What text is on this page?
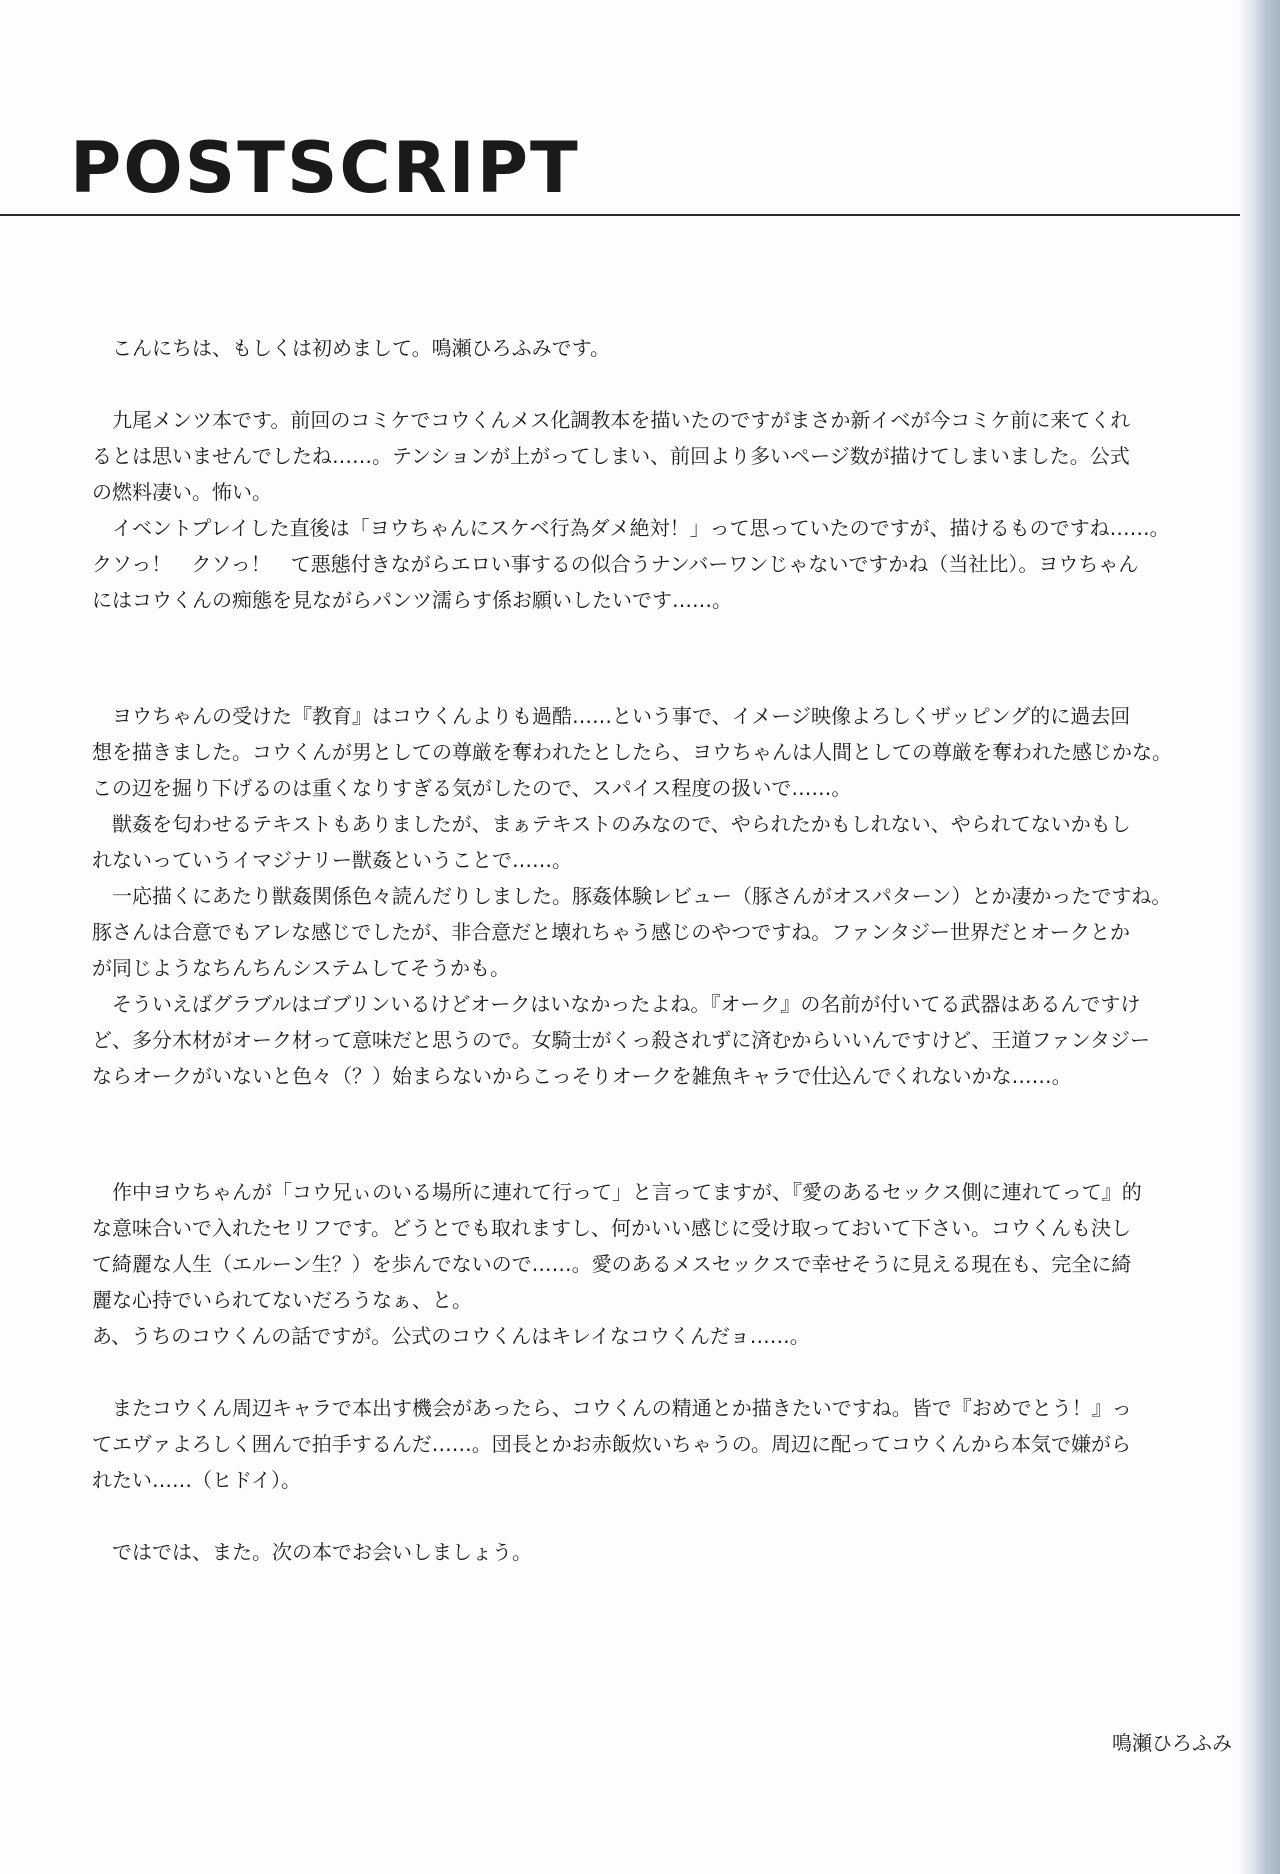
POSTSCRIPT

こんにちは、もしくは初めまして。鳴瀬ひろふみです。

九尾メンツ本です。前回のコミケでコウくんメス化調教本を描いたのですがまさか新イベが今コミケ前に来てくれ

るとは思いませんでしたね……。テンションが上がってしまい、前回より多いページ数が描けてしまいました。公式

の燃料凄い。怖い。

イベントプレイした直後は「ヨウちゃんにスケベ行為ダメ絶対！」って思っていたのですが、描けるものですね……。

クソっ！　クソっ！　て悪態付きながらエロい事するの似合うナンバーワンじゃないですかね（当社比）。ヨウちゃん

にはコウくんの痴態を見ながらパンツ濡らす係お願いしたいです……。

ヨウちゃんの受けた『教育』はコウくんよりも過酷……という事で、イメージ映像よろしくザッピング的に過去回

想を描きました。コウくんが男としての尊厳を奪われたとしたら、ヨウちゃんは人間としての尊厳を奪われた感じかな。

この辺を掘り下げるのは重くなりすぎる気がしたので、スパイス程度の扱いで……。

獣姦を匂わせるテキストもありましたが、まぁテキストのみなので、やられたかもしれない、やられてないかもし

れないっていうイマジナリー獣姦ということで……。

一応描くにあたり獣姦関係色々読んだりしました。豚姦体験レビュー（豚さんがオスパターン）とか凄かったですね。

豚さんは合意でもアレな感じでしたが、非合意だと壊れちゃう感じのやつですね。ファンタジー世界だとオークとか

が同じようなちんちんシステムしてそうかも。

そういえばグラブルはゴブリンいるけどオークはいなかったよね。『オーク』の名前が付いてる武器はあるんですけ

ど、多分木材がオーク材って意味だと思うので。女騎士がくっ殺されずに済むからいいんですけど、王道ファンタジー

ならオークがいないと色々（？）始まらないからこっそりオークを雑魚キャラで仕込んでくれないかな……。

作中ヨウちゃんが「コウ兄ぃのいる場所に連れて行って」と言ってますが、『愛のあるセックス側に連れてって』的

な意味合いで入れたセリフです。どうとでも取れますし、何かいい感じに受け取っておいて下さい。コウくんも決し

て綺麗な人生（エルーン生？）を歩んでないので……。愛のあるメスセックスで幸せそうに見える現在も、完全に綺

麗な心持でいられてないだろうなぁ、と。

あ、うちのコウくんの話ですが。公式のコウくんはキレイなコウくんだョ……。

またコウくん周辺キャラで本出す機会があったら、コウくんの精通とか描きたいですね。皆で『おめでとう！』っ

てエヴァよろしく囲んで拍手するんだ……。団長とかお赤飯炊いちゃうの。周辺に配ってコウくんから本気で嫌がら

れたい……（ヒドイ）。

ではでは、また。次の本でお会いしましょう。

鳴瀬ひろふみ
